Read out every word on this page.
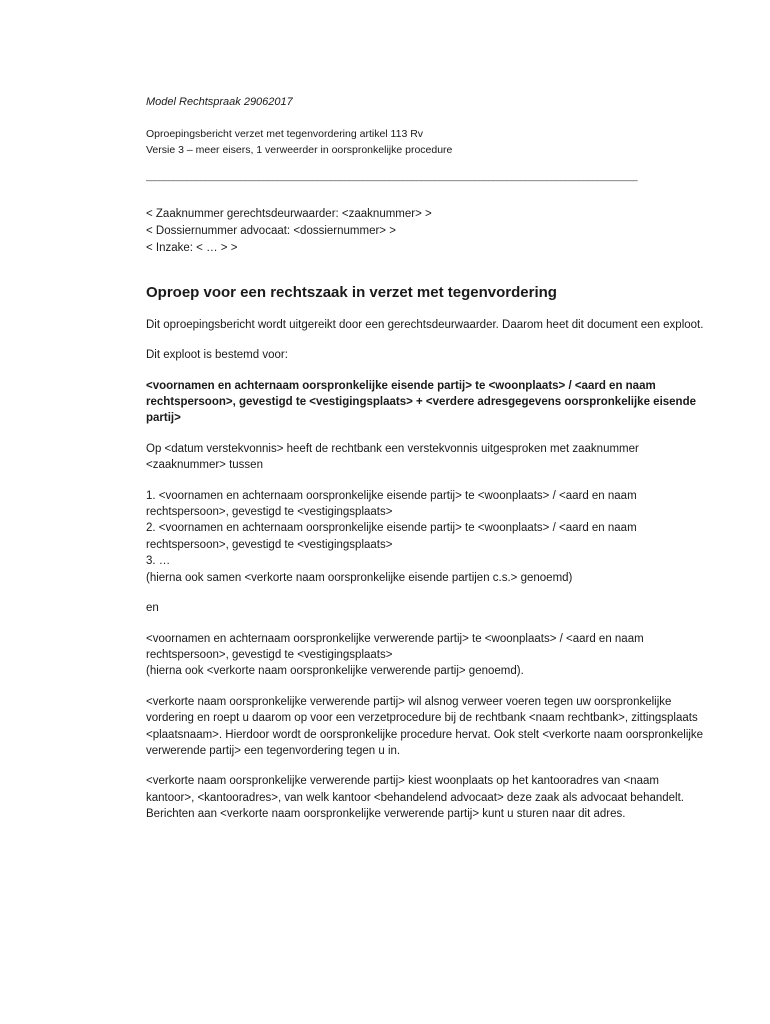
Model Rechtspraak 29062017

Oproepingsbericht verzet met tegenvordering artikel 113 Rv

Versie 3 – meer eisers, 1 verweerder in oorspronkelijke procedure

_____________________________________________________________________________________________________________

< Zaaknummer gerechtsdeurwaarder: <zaaknummer> >

< Dossiernummer advocaat: <dossiernummer> >

< Inzake: < … > >

Oproep voor een rechtszaak in verzet met tegenvordering

Dit oproepingsbericht wordt uitgereikt door een gerechtsdeurwaarder. Daarom heet dit document een exploot.

Dit exploot is bestemd voor:

<voornamen en achternaam oorspronkelijke eisende partij> te <woonplaats> / <aard en naam rechtspersoon>, gevestigd te <vestigingsplaats> + <verdere adresgegevens oorspronkelijke eisende partij>

Op <datum verstekvonnis> heeft de rechtbank een verstekvonnis uitgesproken met zaaknummer <zaaknummer> tussen

1. <voornamen en achternaam oorspronkelijke eisende partij> te <woonplaats> / <aard en naam rechtspersoon>, gevestigd te <vestigingsplaats>

2. <voornamen en achternaam oorspronkelijke eisende partij> te <woonplaats> / <aard en naam rechtspersoon>, gevestigd te <vestigingsplaats>

3. …

(hierna ook samen <verkorte naam oorspronkelijke eisende partijen c.s.> genoemd)

en

<voornamen en achternaam oorspronkelijke verwerende partij> te <woonplaats> / <aard en naam rechtspersoon>, gevestigd te <vestigingsplaats>

(hierna ook <verkorte naam oorspronkelijke verwerende partij> genoemd).

<verkorte naam oorspronkelijke verwerende partij> wil alsnog verweer voeren tegen uw oorspronkelijke vordering en roept u daarom op voor een verzetprocedure bij de rechtbank <naam rechtbank>, zittingsplaats <plaatsnaam>. Hierdoor wordt de oorspronkelijke procedure hervat. Ook stelt <verkorte naam oorspronkelijke verwerende partij> een tegenvordering tegen u in.

<verkorte naam oorspronkelijke verwerende partij> kiest woonplaats op het kantooradres van <naam kantoor>, <kantooradres>, van welk kantoor <behandelend advocaat> deze zaak als advocaat behandelt. Berichten aan <verkorte naam oorspronkelijke verwerende partij> kunt u sturen naar dit adres.
